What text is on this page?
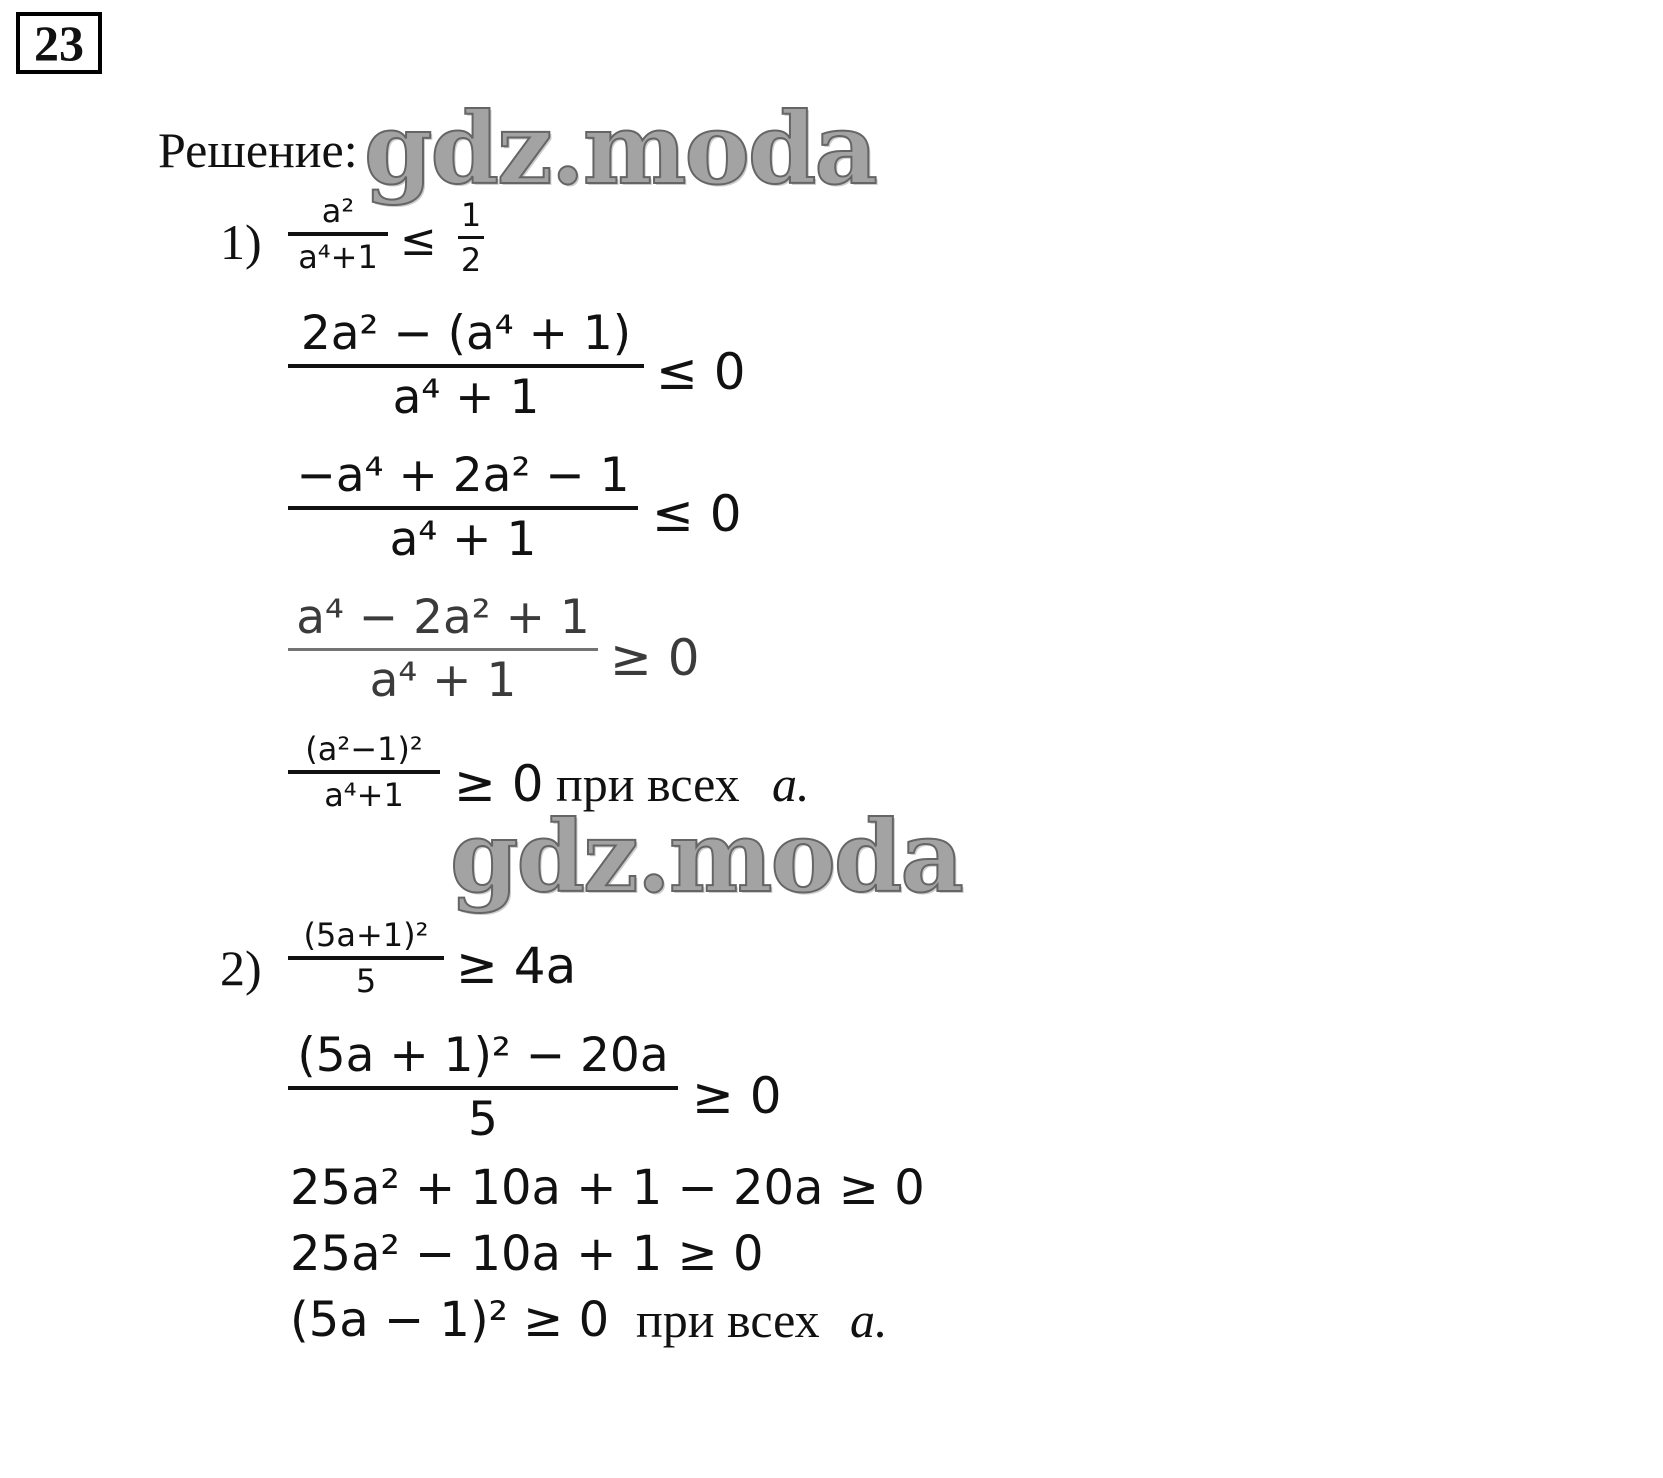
23
Решение: gdz.moda
gdz.moda
1)
a²
a⁴+1 ≤ 1
2
2a² − (a⁴ + 1)
a⁴ + 1 ≤ 0
−a⁴ + 2a² − 1
a⁴ + 1 ≤ 0
a⁴ − 2a² + 1
a⁴ + 1 ≥ 0
(a²−1)²
a⁴+1 ≥ 0 при всех a.
2)
(5a+1)²
5 ≥ 4a
(5a + 1)² − 20a
5	≥ 0
25a² + 10a + 1 − 20a ≥ 0
25a² − 10a + 1 ≥ 0
(5a − 1)² ≥ 0 при всех a.
